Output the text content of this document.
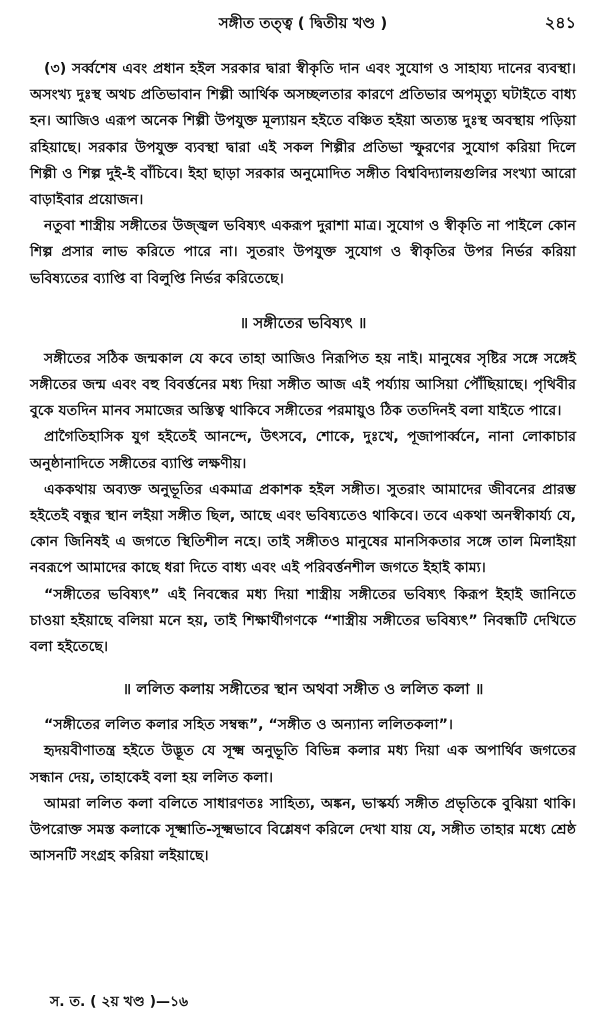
সঙ্গীত তত্ত্ব ( দ্বিতীয় খণ্ড )	২৪১

(৩) সর্ব্বশেষ এবং প্রধান হইল সরকার দ্বারা স্বীকৃতি দান এবং সুযোগ ও সাহায্য দানের ব্যবস্থা। অসংখ্য দুঃস্থ অথচ প্রতিভাবান শিল্পী আর্থিক অসচ্ছলতার কারণে প্রতিভার অপমৃত্যু ঘটাইতে বাধ্য হন। আজিও এরূপ অনেক শিল্পী উপযুক্ত মূল্যায়ন হইতে বঞ্চিত হইয়া অত্যন্ত দুঃস্থ অবস্থায় পড়িয়া রহিয়াছে। সরকার উপযুক্ত ব্যবস্থা দ্বারা এই সকল শিল্পীর প্রতিভা স্ফুরণের সুযোগ করিয়া দিলে শিল্পী ও শিল্প দুই-ই বাঁচিবে। ইহা ছাড়া সরকার অনুমোদিত সঙ্গীত বিশ্ববিদ্যালয়গুলির সংখ্যা আরো বাড়াইবার প্রয়োজন।

নতুবা শাস্ত্রীয় সঙ্গীতের উজ্জ্বল ভবিষ্যৎ একরূপ দুরাশা মাত্র। সুযোগ ও স্বীকৃতি না পাইলে কোন শিল্প প্রসার লাভ করিতে পারে না। সুতরাং উপযুক্ত সুযোগ ও স্বীকৃতির উপর নির্ভর করিয়া ভবিষ্যতের ব্যাপ্তি বা বিলুপ্তি নির্ভর করিতেছে।

॥ সঙ্গীতের ভবিষ্যৎ ॥

সঙ্গীতের সঠিক জন্মকাল যে কবে তাহা আজিও নিরূপিত হয় নাই। মানুষের সৃষ্টির সঙ্গে সঙ্গেই সঙ্গীতের জন্ম এবং বহু বিবর্ত্তনের মধ্য দিয়া সঙ্গীত আজ এই পর্য্যায় আসিয়া পৌঁছিয়াছে। পৃথিবীর বুকে যতদিন মানব সমাজের অস্তিত্ব থাকিবে সঙ্গীতের পরমায়ুও ঠিক ততদিনই বলা যাইতে পারে।

প্রাগৈতিহাসিক যুগ হইতেই আনন্দে, উৎসবে, শোকে, দুঃখে, পূজাপার্ব্বনে, নানা লোকাচার অনুষ্ঠানাদিতে সঙ্গীতের ব্যাপ্তি লক্ষণীয়।

এককথায় অব্যক্ত অনুভূতির একমাত্র প্রকাশক হইল সঙ্গীত। সুতরাং আমাদের জীবনের প্রারম্ভ হইতেই বন্ধুর স্থান লইয়া সঙ্গীত ছিল, আছে এবং ভবিষ্যতেও থাকিবে। তবে একথা অনস্বীকার্য্য যে, কোন জিনিষই এ জগতে স্থিতিশীল নহে। তাই সঙ্গীতও মানুষের মানসিকতার সঙ্গে তাল মিলাইয়া নবরূপে আমাদের কাছে ধরা দিতে বাধ্য এবং এই পরিবর্ত্তনশীল জগতে ইহাই কাম্য।

“সঙ্গীতের ভবিষ্যৎ” এই নিবন্ধের মধ্য দিয়া শাস্ত্রীয় সঙ্গীতের ভবিষ্যৎ কিরূপ ইহাই জানিতে চাওয়া হইয়াছে বলিয়া মনে হয়, তাই শিক্ষার্থীগণকে “শাস্ত্রীয় সঙ্গীতের ভবিষ্যৎ” নিবন্ধটি দেখিতে বলা হইতেছে।

॥ ললিত কলায় সঙ্গীতের স্থান অথবা সঙ্গীত ও ললিত কলা ॥

“সঙ্গীতের ললিত কলার সহিত সম্বন্ধ”, “সঙ্গীত ও অন্যান্য ললিতকলা”।

হৃদয়বীণাতন্ত্র হইতে উদ্ভূত যে সূক্ষ্ম অনুভূতি বিভিন্ন কলার মধ্য দিয়া এক অপার্থিব জগতের সন্ধান দেয়, তাহাকেই বলা হয় ললিত কলা।

আমরা ললিত কলা বলিতে সাধারণতঃ সাহিত্য, অঙ্কন, ভাস্কর্য্য সঙ্গীত প্রভৃতিকে বুঝিয়া থাকি। উপরোক্ত সমস্ত কলাকে সূক্ষ্মাতি-সূক্ষ্মভাবে বিশ্লেষণ করিলে দেখা যায় যে, সঙ্গীত তাহার মধ্যে শ্রেষ্ঠ আসনটি সংগ্রহ করিয়া লইয়াছে।

স. ত. ( ২য় খণ্ড )—১৬
